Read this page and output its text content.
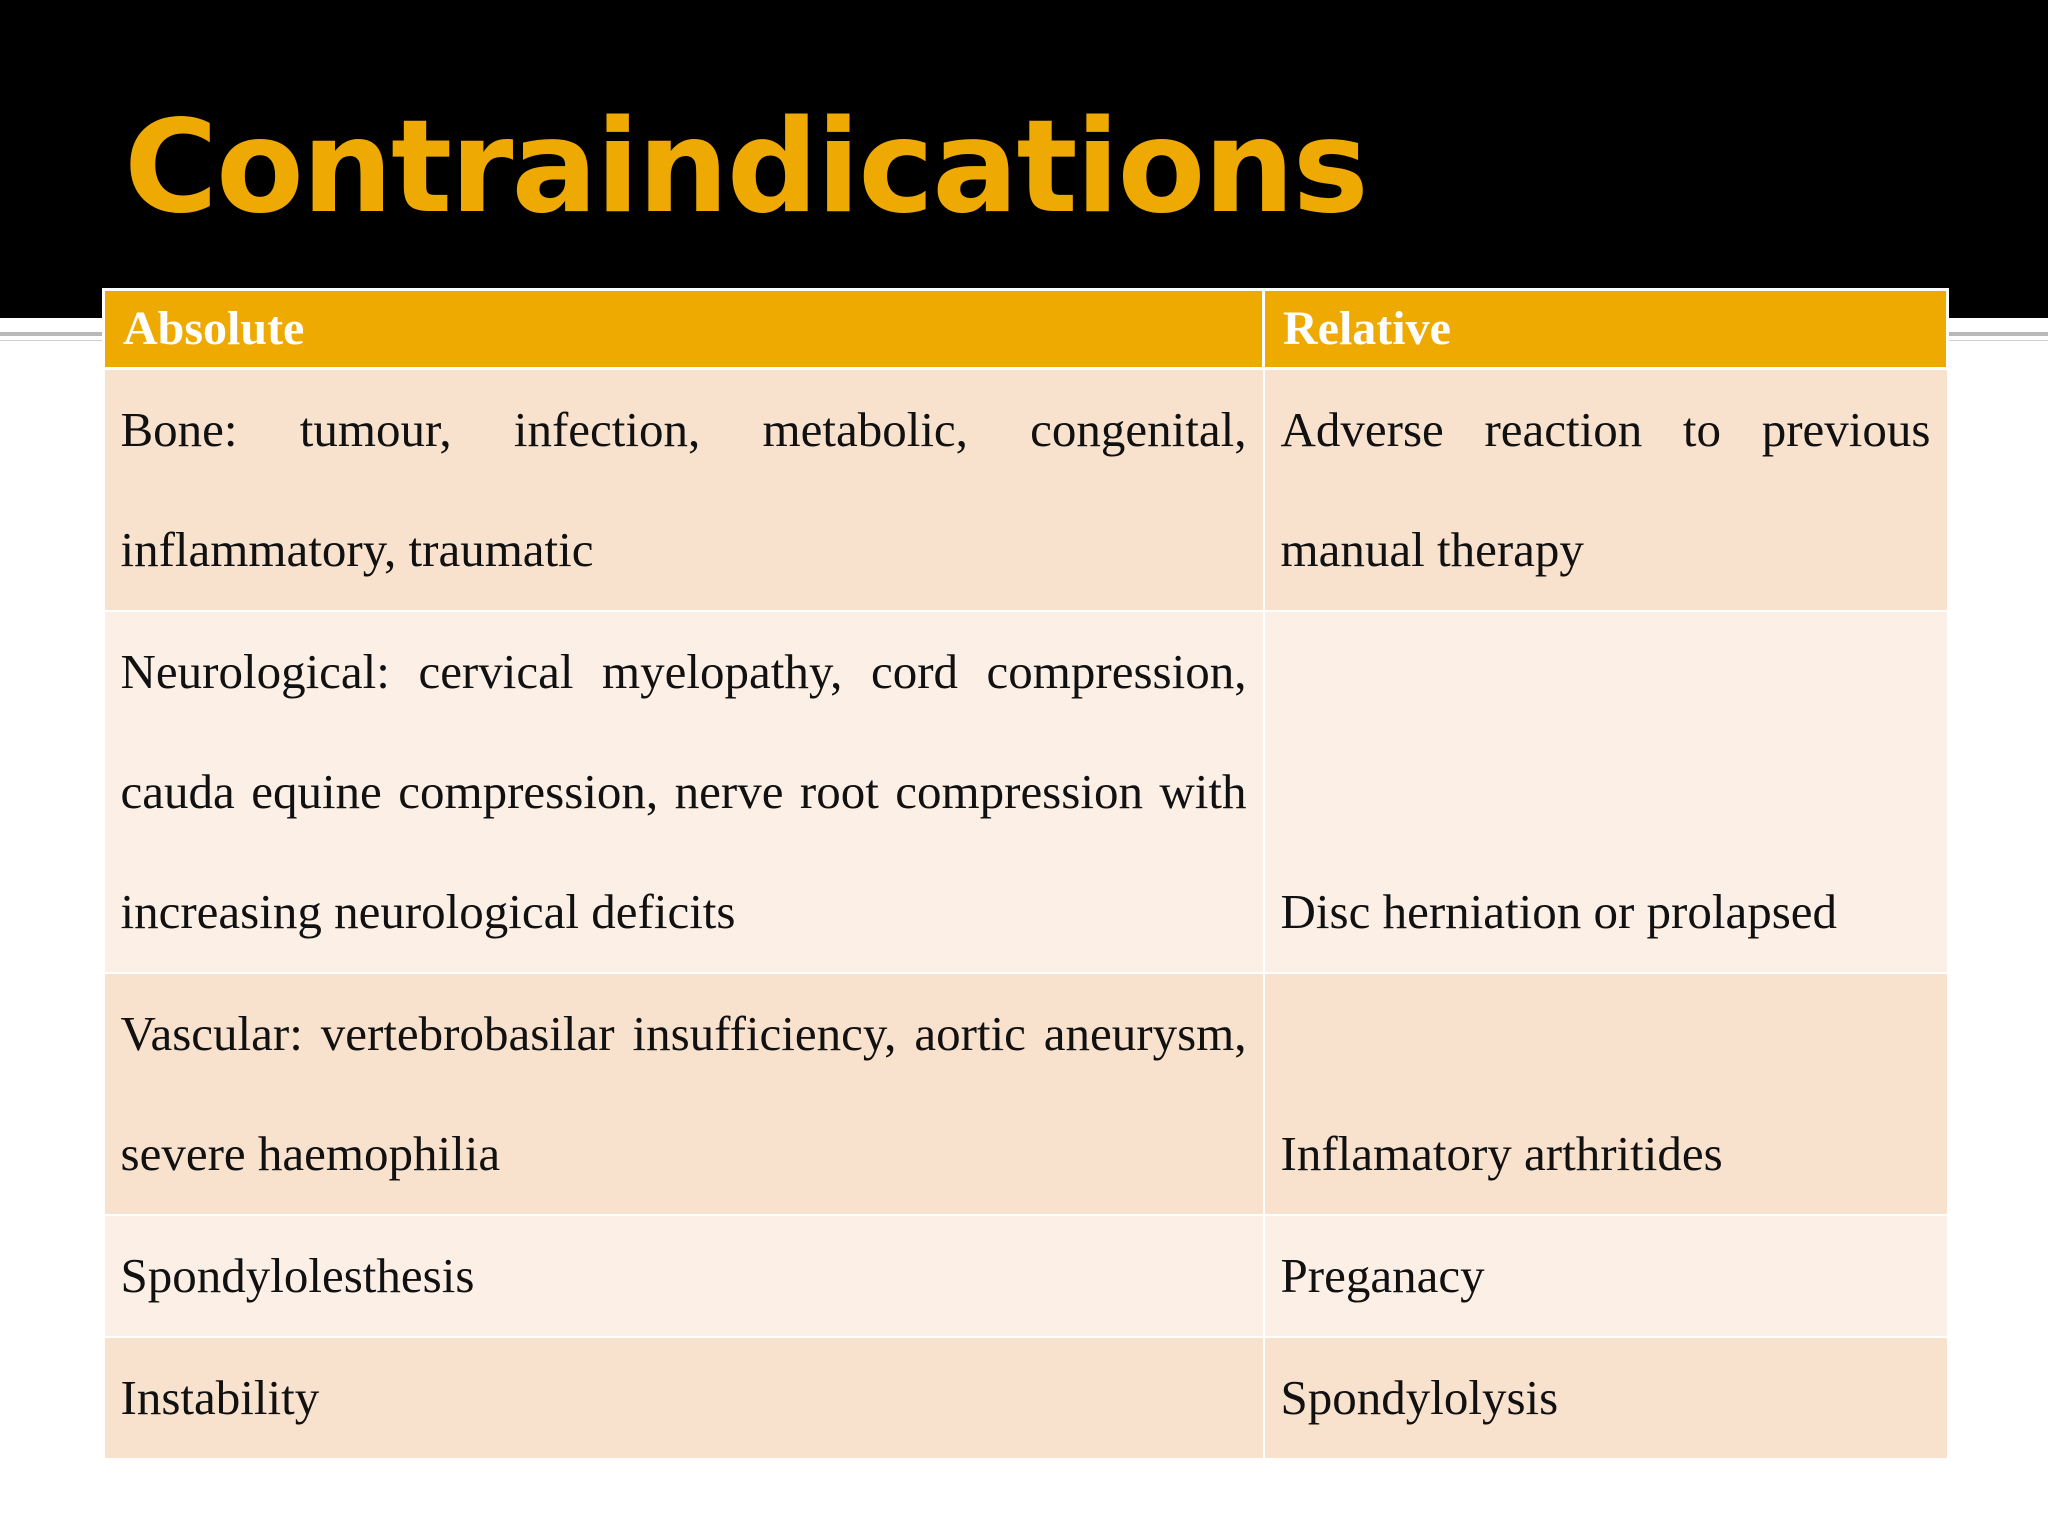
Contraindications
Absolute	Relative

Bone: tumour, infection, metabolic, congenital, inflammatory, traumatic	Adverse reaction to previous manual therapy

Neurological: cervical myelopathy, cord compression, cauda equine compression, nerve root compression with increasing neurological deficits	Disc herniation or prolapsed

Vascular: vertebrobasilar insufficiency, aortic aneurysm, severe haemophilia	Inflamatory arthritides

Spondylolesthesis	Preganacy

Instability	Spondylolysis
